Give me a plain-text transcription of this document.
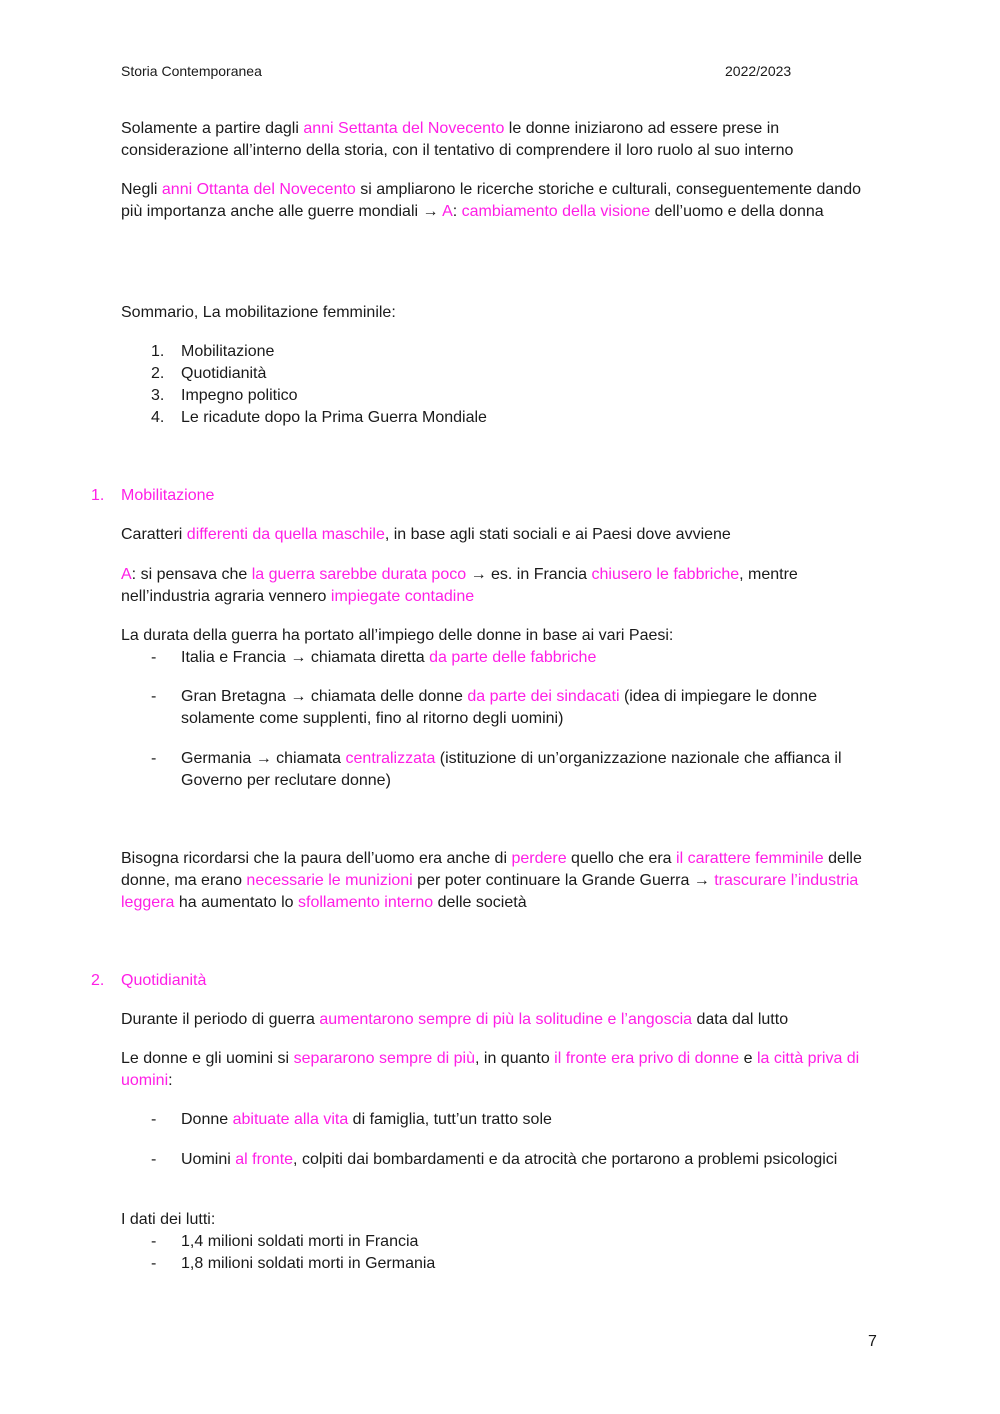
Storia Contemporanea	2022/2023

Solamente a partire dagli anni Settanta del Novecento le donne iniziarono ad essere prese in considerazione all’interno della storia, con il tentativo di comprendere il loro ruolo al suo interno

Negli anni Ottanta del Novecento si ampliarono le ricerche storiche e culturali, conseguentemente dando più importanza anche alle guerre mondiali → A: cambiamento della visione dell’uomo e della donna

Sommario, La mobilitazione femminile:

1. Mobilitazione
2. Quotidianità
3. Impegno politico
4. Le ricadute dopo la Prima Guerra Mondiale
1. Mobilitazione

Caratteri differenti da quella maschile, in base agli stati sociali e ai Paesi dove avviene

A: si pensava che la guerra sarebbe durata poco → es. in Francia chiusero le fabbriche, mentre nell’industria agraria vennero impiegate contadine

La durata della guerra ha portato all’impiego delle donne in base ai vari Paesi:

- Italia e Francia → chiamata diretta da parte delle fabbriche
- Gran Bretagna → chiamata delle donne da parte dei sindacati (idea di impiegare le donne solamente come supplenti, fino al ritorno degli uomini)
- Germania → chiamata centralizzata (istituzione di un’organizzazione nazionale che affianca il Governo per reclutare donne)

Bisogna ricordarsi che la paura dell’uomo era anche di perdere quello che era il carattere femminile delle donne, ma erano necessarie le munizioni per poter continuare la Grande Guerra → trascurare l’industria leggera ha aumentato lo sfollamento interno delle società

2. Quotidianità

Durante il periodo di guerra aumentarono sempre di più la solitudine e l’angoscia data dal lutto

Le donne e gli uomini si separarono sempre di più, in quanto il fronte era privo di donne e la città priva di uomini:

- Donne abituate alla vita di famiglia, tutt’un tratto sole
- Uomini al fronte, colpiti dai bombardamenti e da atrocità che portarono a problemi psicologici

I dati dei lutti:

- 1,4 milioni soldati morti in Francia
- 1,8 milioni soldati morti in Germania
7
